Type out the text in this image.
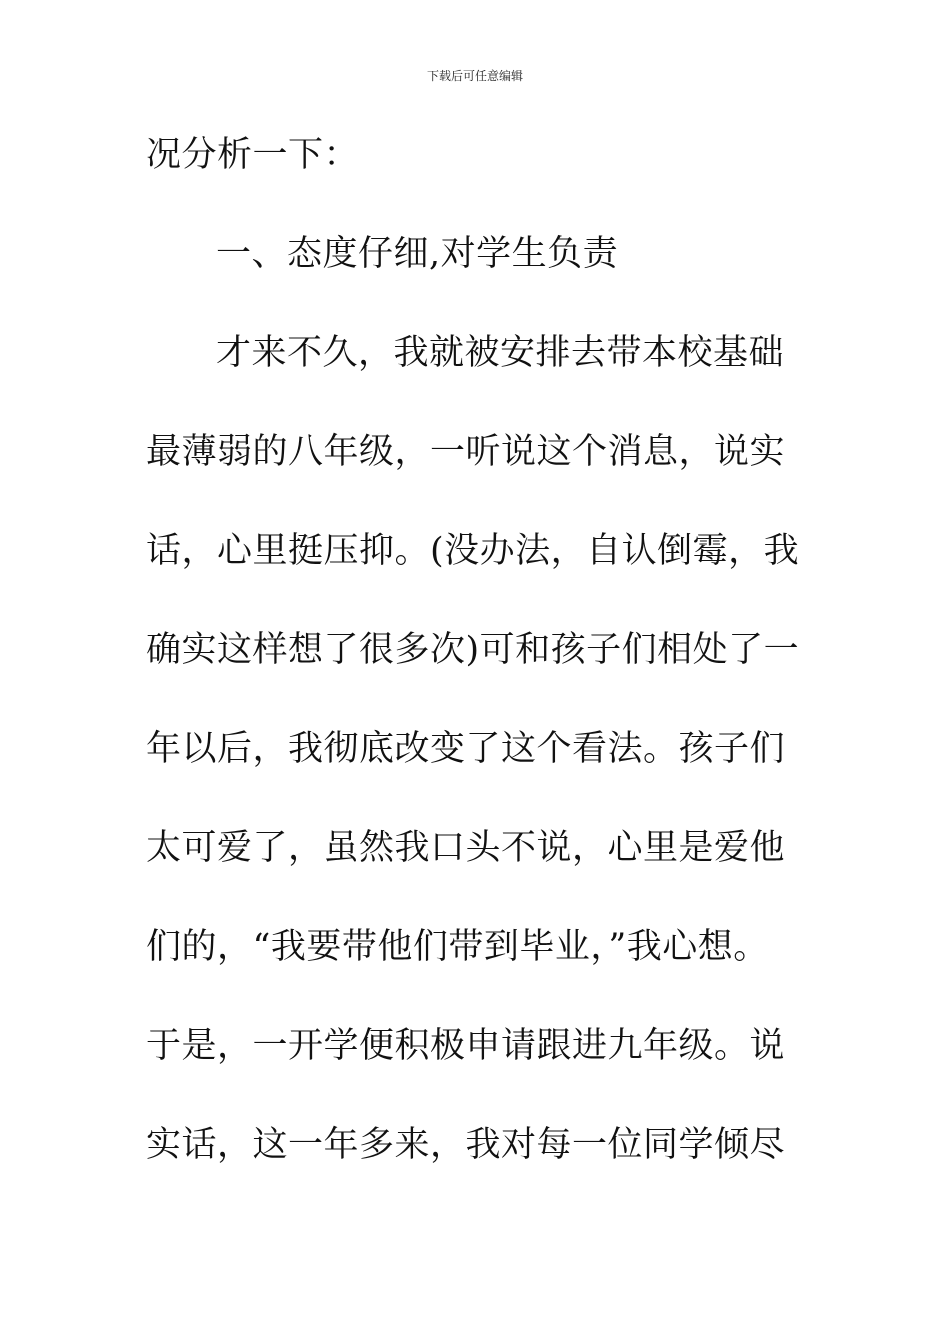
下载后可任意编辑
况分析一下：
一、态度仔细,对学生负责
才来不久，我就被安排去带本校基础
最薄弱的八年级，一听说这个消息，说实
话，心里挺压抑。(没办法，自认倒霉，我
确实这样想了很多次)可和孩子们相处了一
年以后，我彻底改变了这个看法。孩子们
太可爱了，虽然我口头不说，心里是爱他
们的，“我要带他们带到毕业，”我心想。
于是，一开学便积极申请跟进九年级。说
实话，这一年多来，我对每一位同学倾尽
